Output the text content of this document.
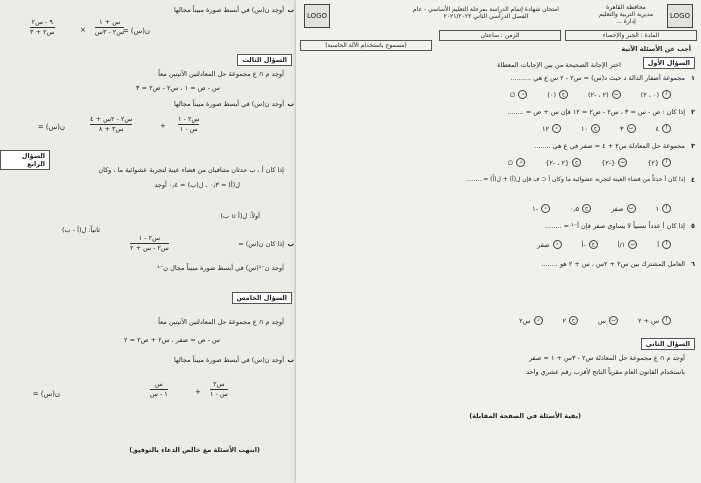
ب
أوجد ن(س) في أبسط صورة مبيناً مجالها
ن(س) =
س + ١
س٢ - ٣س
×
٩ - س٢
س٢ + ٣
السؤال الثالث
أوجد م ∩ ع مجموعة حل المعادلتين الآتيتين معاً
س - ص = ١ ، س٢ - ص٢ = ٣
ب
أوجد ن(س) في أبسط صورة مبيناً مجالها
ن(س) =
س٢ - ١
س - ١
+
س٢ - ٢س + ٤
س٣ + ٨
السؤال الرابع
إذا كان أ ، ب حدثان متنافيان من فضاء عينة لتجربة عشوائية ما ، وكان
ل(أ) = ٠٫٣ ، ل(ب) = ٠٫٤ أوجد
أولاً: ل(أ ∪ ب)
ثانياً: ل(أ - ب)
ب
إذا كان ن(س) =
س٢ - ١
س٢ - س + ٢
أوجد ن⁻¹(س) في أبسط صورة مبيناً مجال ن⁻¹
السؤال الخامس
أوجد م ∩ ع مجموعة حل المعادلتين الآتيتين معاً
س - ص = صفر ، س٢ + ص٢ = ٢
ب
أوجد ن(س) في أبسط صورة مبيناً مجالها
ن(س) =
س٢
س - ١
+
س
١ - س
(انتهت الأسئلة مع خالص الدعاء بالتوفيق)
LOGO
LOGO
محافظة القاهرة
مديرية التربية والتعليم
إدارة ...
امتحان شهادة إتمام الدراسة بمرحلة التعليم الأساسي - عام
الفصل الدراسي الثاني ٢٠٢١/٢٠٢٢
المادة : الجبر والإحصاء
الزمن : ساعتان
(مسموح باستخدام الآلة الحاسبة)	أجب عن الأسئلة الآتية
السؤال الأول
اختر الإجابة الصحيحة من بين الإجابات المعطاة
١
مجموعة أصفار الدالة د حيث د(س) = س٢ - ٢ س ع هي ..........
أ
(٠ ، ٢)
ب
(٢ ، -٢)
ج
(٠)
د
∅
٢
إذا كان : ص - س = ٣ ، س٢ - ص٢ = ١٢ فإن س + ص = ........
أ
٤
ب
٣
ج
١٠
د
١٢
٣
مجموعة حل المعادلة س٢ + ٤ = صفر في ع هي ........
أ
{٢}
ب
{-٢}
ج
{٢ ، -٢}
د
∅
٤
إذا كان أ حدثاً من فضاء العينة لتجربة عشوائية ما وكان أ ⊂ ف فإن ل(أ) + ل(أَ) = ........
أ
١
ب
صفر
ج
٠٫٥
د
-١
٥
إذا كان أ عدداً نسبياً لا يساوي صفر فإن أ⁻¹ = ........
أ
أ
ب
١/أ
ج
-أ
د
صفر
٦
العامل المشترك بين س٢ + ٢س ، س + ٢ هو ........
أ
س + ٢
ب
س
ج
٢
د
س٢
السؤال الثاني
أوجد م ∩ ع مجموعة حل المعادلة س٢ - ٣س + ١ = صفر
باستخدام القانون العام مقرباً الناتج لأقرب رقم عشري واحد
(بقية الأسئلة في الصفحة المقابلة)
